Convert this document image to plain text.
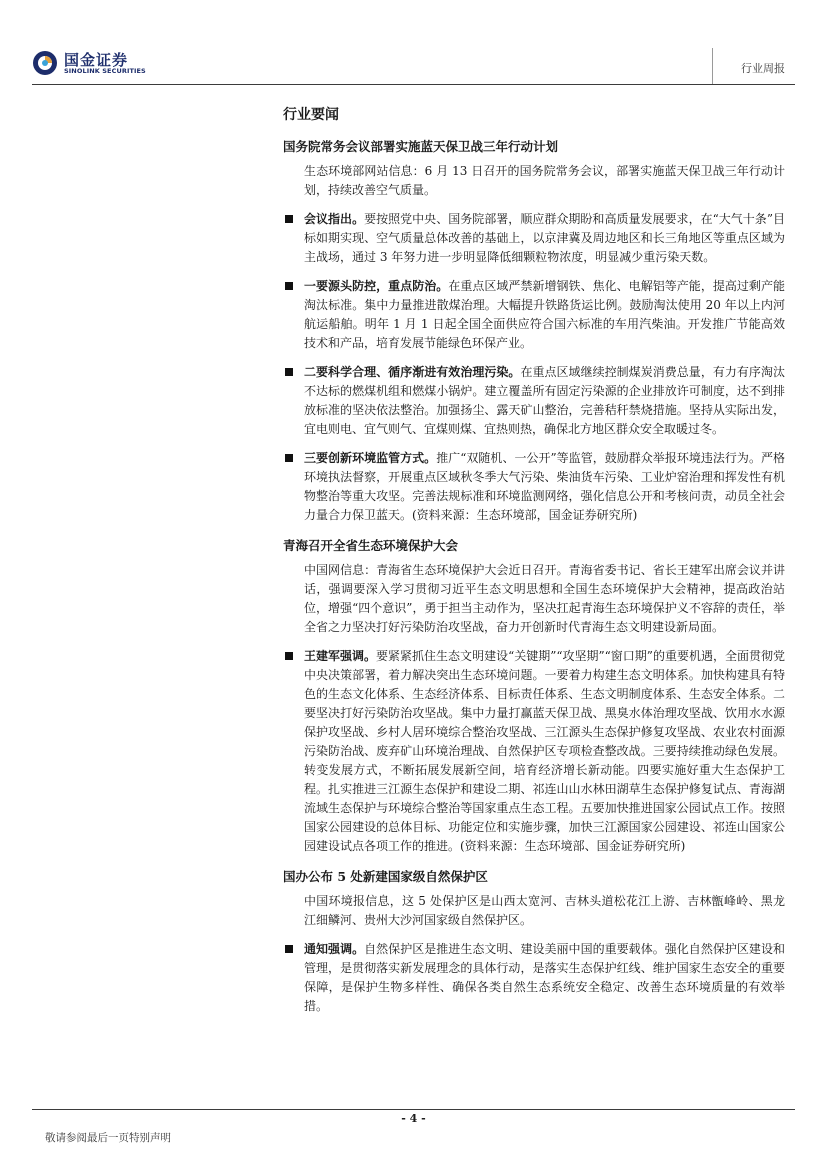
国金证券
SINOLINK SECURITIES	行业周报
行业要闻
国务院常务会议部署实施蓝天保卫战三年行动计划
生态环境部网站信息：6 月 13 日召开的国务院常务会议，部署实施蓝天保卫战三年行动计划，持续改善空气质量。
会议指出。要按照党中央、国务院部署，顺应群众期盼和高质量发展要求，在“大气十条”目标如期实现、空气质量总体改善的基础上，以京津冀及周边地区和长三角地区等重点区域为主战场，通过 3 年努力进一步明显降低细颗粒物浓度，明显减少重污染天数。
一要源头防控，重点防治。在重点区域严禁新增钢铁、焦化、电解铝等产能，提高过剩产能淘汰标准。集中力量推进散煤治理。大幅提升铁路货运比例。鼓励淘汰使用 20 年以上内河航运船舶。明年 1 月 1 日起全国全面供应符合国六标准的车用汽柴油。开发推广节能高效技术和产品，培育发展节能绿色环保产业。
二要科学合理、循序渐进有效治理污染。在重点区域继续控制煤炭消费总量，有力有序淘汰不达标的燃煤机组和燃煤小锅炉。建立覆盖所有固定污染源的企业排放许可制度，达不到排放标准的坚决依法整治。加强扬尘、露天矿山整治，完善秸秆禁烧措施。坚持从实际出发，宜电则电、宜气则气、宜煤则煤、宜热则热，确保北方地区群众安全取暖过冬。
三要创新环境监管方式。推广“双随机、一公开”等监管，鼓励群众举报环境违法行为。严格环境执法督察，开展重点区域秋冬季大气污染、柴油货车污染、工业炉窑治理和挥发性有机物整治等重大攻坚。完善法规标准和环境监测网络，强化信息公开和考核问责，动员全社会力量合力保卫蓝天。(资料来源：生态环境部，国金证券研究所)
青海召开全省生态环境保护大会
中国网信息：青海省生态环境保护大会近日召开。青海省委书记、省长王建军出席会议并讲话，强调要深入学习贯彻习近平生态文明思想和全国生态环境保护大会精神，提高政治站位，增强“四个意识”，勇于担当主动作为，坚决扛起青海生态环境保护义不容辞的责任，举全省之力坚决打好污染防治攻坚战，奋力开创新时代青海生态文明建设新局面。
王建军强调。要紧紧抓住生态文明建设“关键期”“攻坚期”“窗口期”的重要机遇，全面贯彻党中央决策部署，着力解决突出生态环境问题。一要着力构建生态文明体系。加快构建具有特色的生态文化体系、生态经济体系、目标责任体系、生态文明制度体系、生态安全体系。二要坚决打好污染防治攻坚战。集中力量打赢蓝天保卫战、黑臭水体治理攻坚战、饮用水水源保护攻坚战、乡村人居环境综合整治攻坚战、三江源头生态保护修复攻坚战、农业农村面源污染防治战、废弃矿山环境治理战、自然保护区专项检查整改战。三要持续推动绿色发展。转变发展方式，不断拓展发展新空间，培育经济增长新动能。四要实施好重大生态保护工程。扎实推进三江源生态保护和建设二期、祁连山山水林田湖草生态保护修复试点、青海湖流域生态保护与环境综合整治等国家重点生态工程。五要加快推进国家公园试点工作。按照国家公园建设的总体目标、功能定位和实施步骤，加快三江源国家公园建设、祁连山国家公园建设试点各项工作的推进。(资料来源：生态环境部、国金证券研究所)
国办公布 5 处新建国家级自然保护区
中国环境报信息，这 5 处保护区是山西太宽河、吉林头道松花江上游、吉林甑峰岭、黑龙江细鳞河、贵州大沙河国家级自然保护区。
通知强调。自然保护区是推进生态文明、建设美丽中国的重要载体。强化自然保护区建设和管理，是贯彻落实新发展理念的具体行动，是落实生态保护红线、维护国家生态安全的重要保障，是保护生物多样性、确保各类自然生态系统安全稳定、改善生态环境质量的有效举措。
- 4 -
敬请参阅最后一页特别声明
